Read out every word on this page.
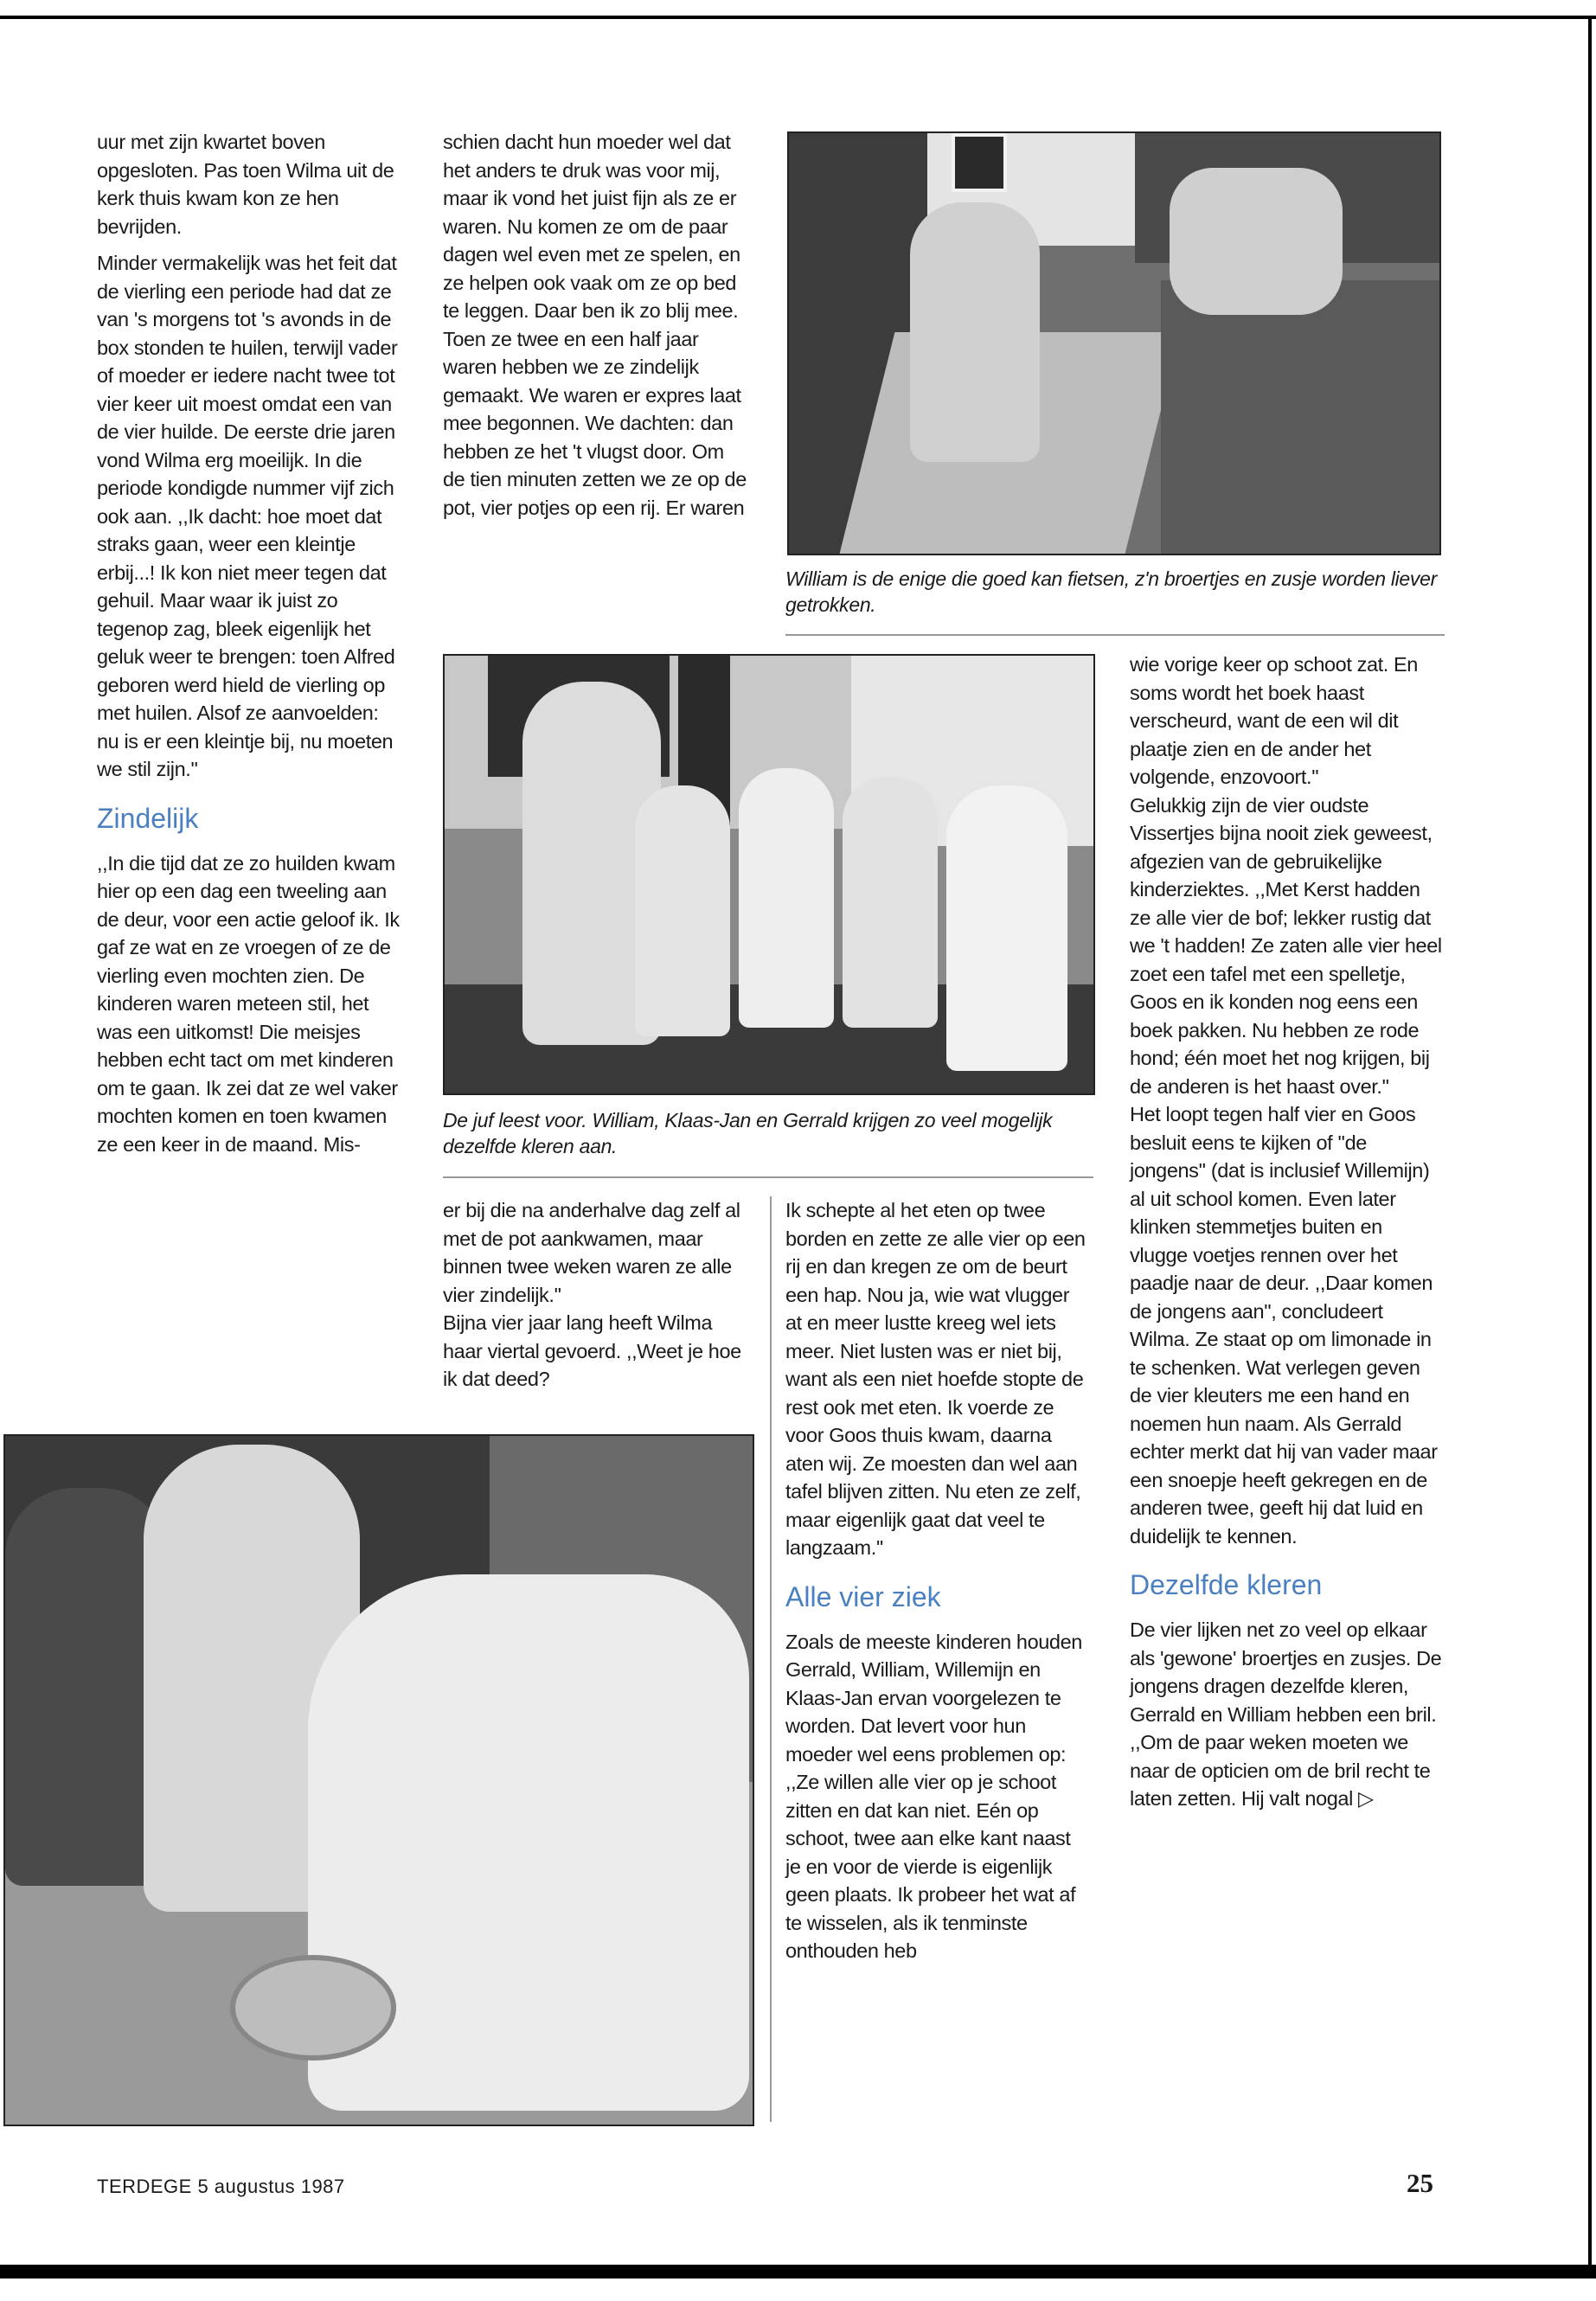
uur met zijn kwartet boven opgesloten. Pas toen Wilma uit de kerk thuis kwam kon ze hen bevrijden.

Minder vermakelijk was het feit dat de vierling een periode had dat ze van 's morgens tot 's avonds in de box stonden te huilen, terwijl vader of moeder er iedere nacht twee tot vier keer uit moest omdat een van de vier huilde. De eerste drie jaren vond Wilma erg moeilijk. In die periode kondigde nummer vijf zich ook aan. ,,Ik dacht: hoe moet dat straks gaan, weer een kleintje erbij...! Ik kon niet meer tegen dat gehuil. Maar waar ik juist zo tegenop zag, bleek eigenlijk het geluk weer te brengen: toen Alfred geboren werd hield de vierling op met huilen. Alsof ze aanvoelden: nu is er een kleintje bij, nu moeten we stil zijn.''

Zindelijk

,,In die tijd dat ze zo huilden kwam hier op een dag een tweeling aan de deur, voor een actie geloof ik. Ik gaf ze wat en ze vroegen of ze de vierling even mochten zien. De kinderen waren meteen stil, het was een uitkomst! Die meisjes hebben echt tact om met kinderen om te gaan. Ik zei dat ze wel vaker mochten komen en toen kwamen ze een keer in de maand. Mis-

schien dacht hun moeder wel dat het anders te druk was voor mij, maar ik vond het juist fijn als ze er waren. Nu komen ze om de paar dagen wel even met ze spelen, en ze helpen ook vaak om ze op bed te leggen. Daar ben ik zo blij mee. Toen ze twee en een half jaar waren hebben we ze zindelijk gemaakt. We waren er expres laat mee begonnen. We dachten: dan hebben ze het 't vlugst door. Om de tien minuten zetten we ze op de pot, vier potjes op een rij. Er waren

er bij die na anderhalve dag zelf al met de pot aankwamen, maar binnen twee weken waren ze alle vier zindelijk.''

Bijna vier jaar lang heeft Wilma haar viertal gevoerd. ,,Weet je hoe ik dat deed?

Ik schepte al het eten op twee borden en zette ze alle vier op een rij en dan kregen ze om de beurt een hap. Nou ja, wie wat vlugger at en meer lustte kreeg wel iets meer. Niet lusten was er niet bij, want als een niet hoefde stopte de rest ook met eten. Ik voerde ze voor Goos thuis kwam, daarna aten wij. Ze moesten dan wel aan tafel blijven zitten. Nu eten ze zelf, maar eigenlijk gaat dat veel te langzaam.''

Alle vier ziek

Zoals de meeste kinderen houden Gerrald, William, Willemijn en Klaas-Jan ervan voorgelezen te worden. Dat levert voor hun moeder wel eens problemen op: ,,Ze willen alle vier op je schoot zitten en dat kan niet. Eén op schoot, twee aan elke kant naast je en voor de vierde is eigenlijk geen plaats. Ik probeer het wat af te wisselen, als ik tenminste onthouden heb

wie vorige keer op schoot zat. En soms wordt het boek haast verscheurd, want de een wil dit plaatje zien en de ander het volgende, enzovoort.''

Gelukkig zijn de vier oudste Vissertjes bijna nooit ziek geweest, afgezien van de gebruikelijke kinderziektes. ,,Met Kerst hadden ze alle vier de bof; lekker rustig dat we 't hadden! Ze zaten alle vier heel zoet een tafel met een spelletje, Goos en ik konden nog eens een boek pakken. Nu hebben ze rode hond; één moet het nog krijgen, bij de anderen is het haast over.''

Het loopt tegen half vier en Goos besluit eens te kijken of ''de jongens'' (dat is inclusief Willemijn) al uit school komen. Even later klinken stemmetjes buiten en vlugge voetjes rennen over het paadje naar de deur. ,,Daar komen de jongens aan'', concludeert Wilma. Ze staat op om limonade in te schenken. Wat verlegen geven de vier kleuters me een hand en noemen hun naam. Als Gerrald echter merkt dat hij van vader maar een snoepje heeft gekregen en de anderen twee, geeft hij dat luid en duidelijk te kennen.

Dezelfde kleren

De vier lijken net zo veel op elkaar als 'gewone' broertjes en zusjes. De jongens dragen dezelfde kleren, Gerrald en William hebben een bril. ,,Om de paar weken moeten we naar de opticien om de bril recht te laten zetten. Hij valt nogal ▷

William is de enige die goed kan fietsen, z'n broertjes en zusje worden liever getrokken.
De juf leest voor. William, Klaas-Jan en Gerrald krijgen zo veel mogelijk dezelfde kleren aan.
TERDEGE 5 augustus 1987	25
